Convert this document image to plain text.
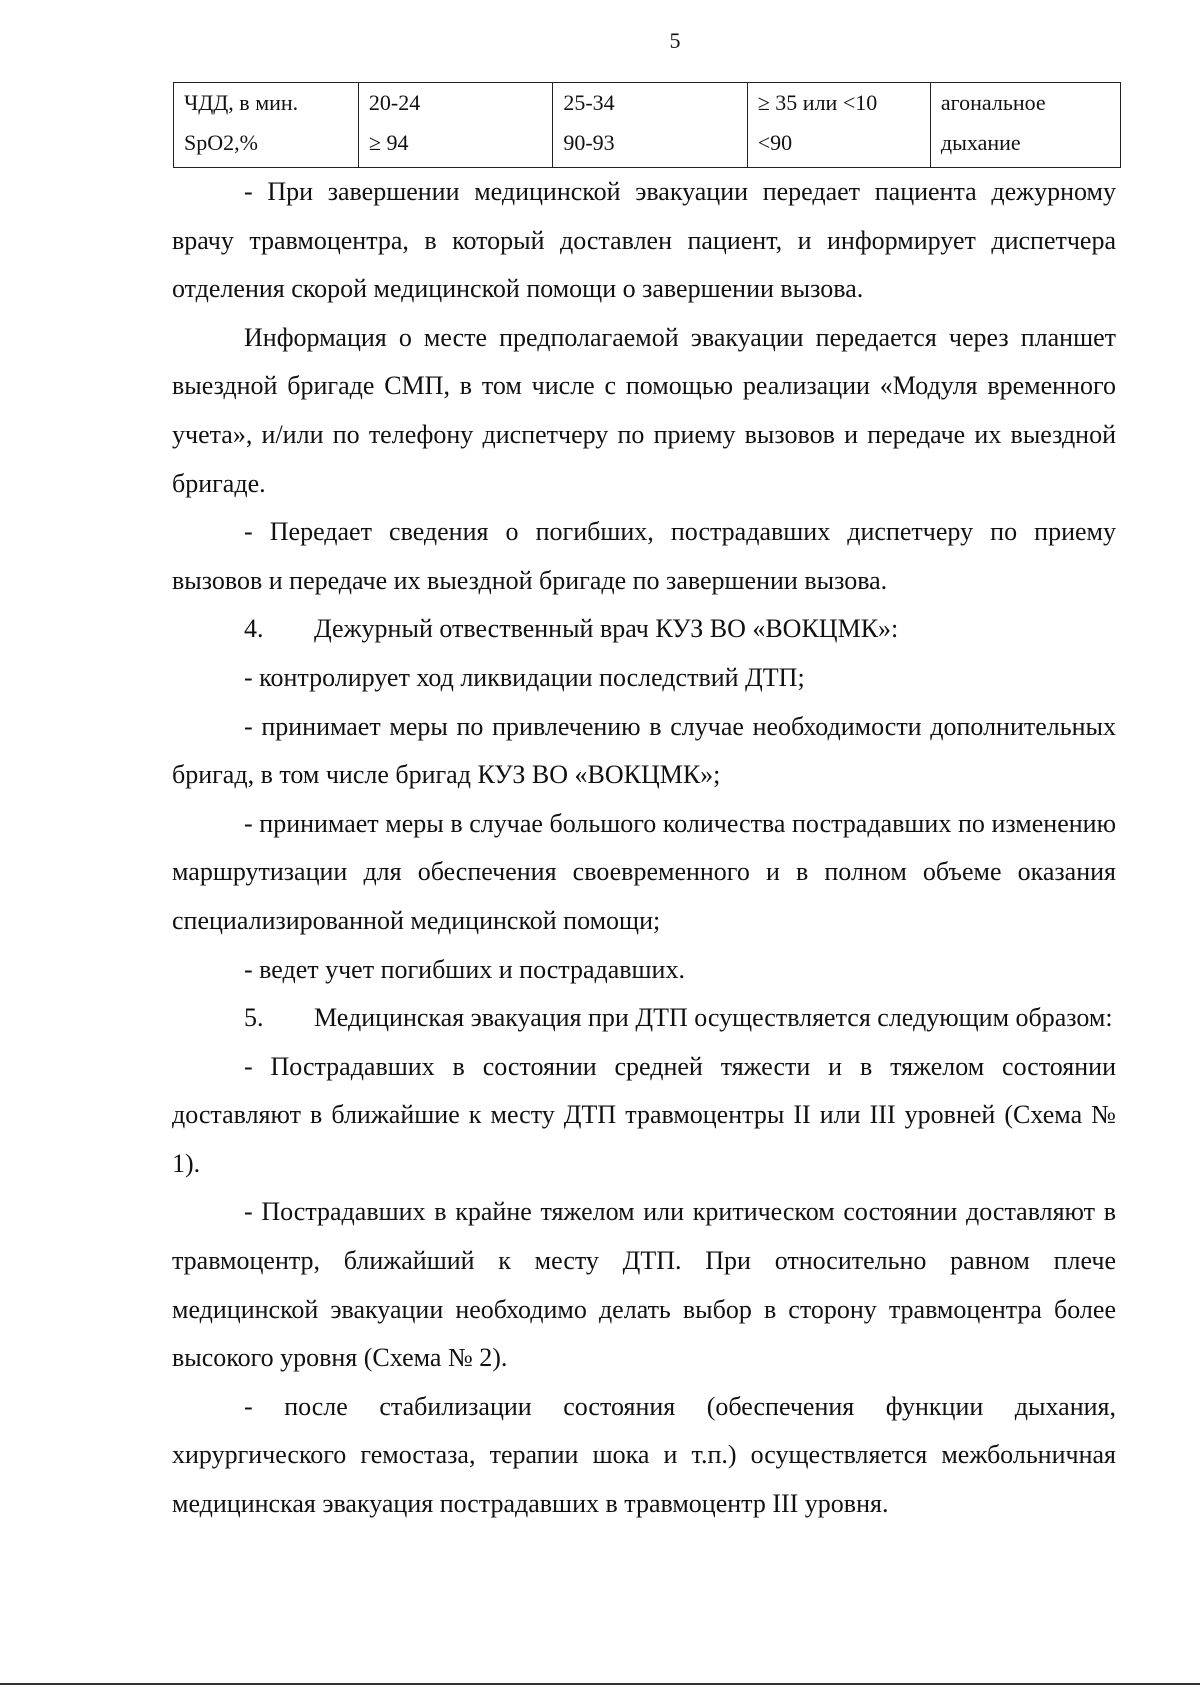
5
ЧДД, в мин.
SpO2,%

20-24
≥ 94

25-34
90-93

≥ 35 или <10
<90

агональное
дыхание

- При завершении медицинской эвакуации передает пациента дежурному врачу травмоцентра, в который доставлен пациент, и информирует диспетчера отделения скорой медицинской помощи о завершении вызова.

Информация о месте предполагаемой эвакуации передается через планшет выездной бригаде СМП, в том числе с помощью реализации «Модуля временного учета», и/или по телефону диспетчеру по приему вызовов и передаче их выездной бригаде.

- Передает сведения о погибших, пострадавших диспетчеру по приему вызовов и передаче их выездной бригаде по завершении вызова.

4. Дежурный отвественный врач КУЗ ВО «ВОКЦМК»:

- контролирует ход ликвидации последствий ДТП;

- принимает меры по привлечению в случае необходимости дополнительных бригад, в том числе бригад КУЗ ВО «ВОКЦМК»;

- принимает меры в случае большого количества пострадавших по изменению маршрутизации для обеспечения своевременного и в полном объеме оказания специализированной медицинской помощи;

- ведет учет погибших и пострадавших.

5. Медицинская эвакуация при ДТП осуществляется следующим образом:

- Пострадавших в состоянии средней тяжести и в тяжелом состоянии доставляют в ближайшие к месту ДТП травмоцентры II или III уровней (Схема № 1).

- Пострадавших в крайне тяжелом или критическом состоянии доставляют в травмоцентр, ближайший к месту ДТП. При относительно равном плече медицинской эвакуации необходимо делать выбор в сторону травмоцентра более высокого уровня (Схема № 2).

- после стабилизации состояния (обеспечения функции дыхания, хирургического гемостаза, терапии шока и т.п.) осуществляется межбольничная медицинская эвакуация пострадавших в травмоцентр III уровня.
